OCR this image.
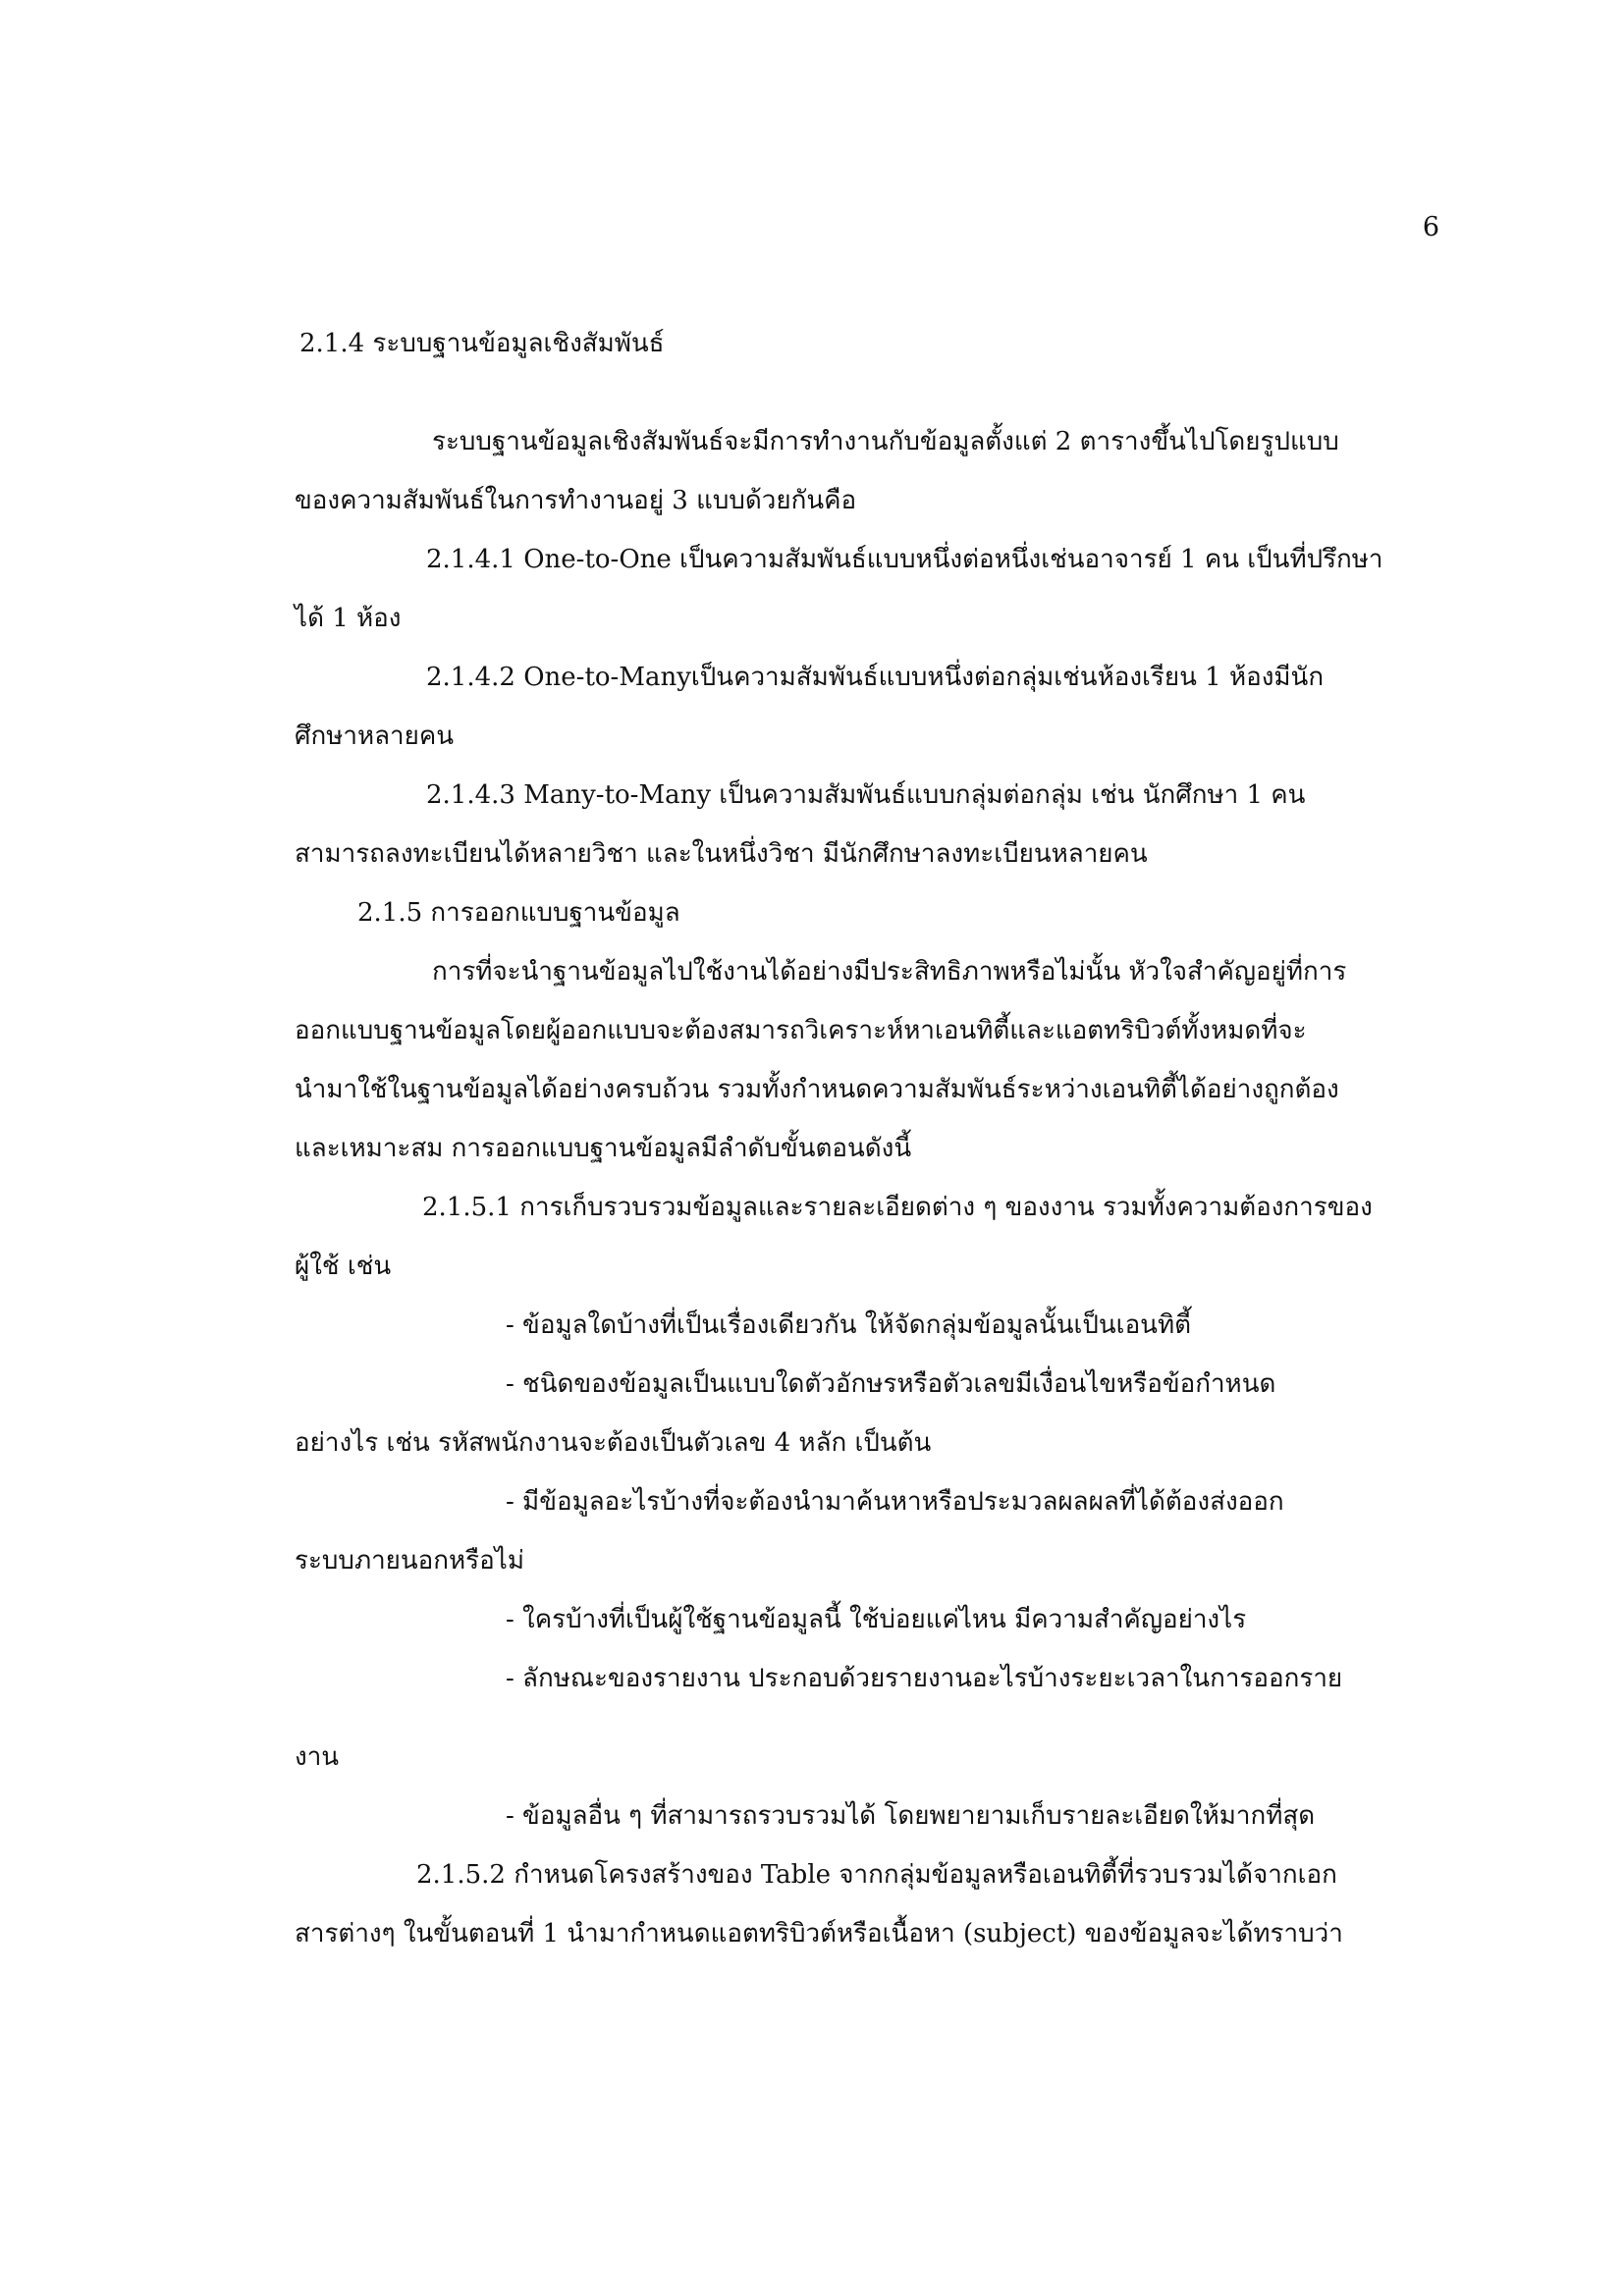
6
2.1.4 ระบบฐานข้อมูลเชิงสัมพันธ์
ระบบฐานข้อมูลเชิงสัมพันธ์จะมีการทำงานกับข้อมูลตั้งแต่ 2 ตารางขึ้นไปโดยรูปแบบ
ของความสัมพันธ์ในการทำงานอยู่ 3 แบบด้วยกันคือ
2.1.4.1 One-to-One เป็นความสัมพันธ์แบบหนึ่งต่อหนึ่งเช่นอาจารย์ 1 คน เป็นที่ปรึกษา
ได้ 1 ห้อง
2.1.4.2 One-to-Manyเป็นความสัมพันธ์แบบหนึ่งต่อกลุ่มเช่นห้องเรียน 1 ห้องมีนัก
ศึกษาหลายคน
2.1.4.3 Many-to-Many เป็นความสัมพันธ์แบบกลุ่มต่อกลุ่ม เช่น นักศึกษา 1 คน
สามารถลงทะเบียนได้หลายวิชา และในหนึ่งวิชา มีนักศึกษาลงทะเบียนหลายคน
2.1.5 การออกแบบฐานข้อมูล
การที่จะนำฐานข้อมูลไปใช้งานได้อย่างมีประสิทธิภาพหรือไม่นั้น หัวใจสำคัญอยู่ที่การ
ออกแบบฐานข้อมูลโดยผู้ออกแบบจะต้องสมารถวิเคราะห์หาเอนทิตี้และแอตทริบิวต์ทั้งหมดที่จะ
นำมาใช้ในฐานข้อมูลได้อย่างครบถ้วน รวมทั้งกำหนดความสัมพันธ์ระหว่างเอนทิตี้ได้อย่างถูกต้อง
และเหมาะสม การออกแบบฐานข้อมูลมีลำดับขั้นตอนดังนี้
2.1.5.1 การเก็บรวบรวมข้อมูลและรายละเอียดต่าง ๆ ของงาน รวมทั้งความต้องการของ
ผู้ใช้ เช่น
- ข้อมูลใดบ้างที่เป็นเรื่องเดียวกัน ให้จัดกลุ่มข้อมูลนั้นเป็นเอนทิตี้
- ชนิดของข้อมูลเป็นแบบใดตัวอักษรหรือตัวเลขมีเงื่อนไขหรือข้อกำหนด
อย่างไร เช่น รหัสพนักงานจะต้องเป็นตัวเลข 4 หลัก เป็นต้น
- มีข้อมูลอะไรบ้างที่จะต้องนำมาค้นหาหรือประมวลผลผลที่ได้ต้องส่งออก
ระบบภายนอกหรือไม่
- ใครบ้างที่เป็นผู้ใช้ฐานข้อมูลนี้ ใช้บ่อยแค่ไหน มีความสำคัญอย่างไร
- ลักษณะของรายงาน ประกอบด้วยรายงานอะไรบ้างระยะเวลาในการออกราย
งาน
- ข้อมูลอื่น ๆ ที่สามารถรวบรวมได้ โดยพยายามเก็บรายละเอียดให้มากที่สุด
2.1.5.2 กำหนดโครงสร้างของ Table จากกลุ่มข้อมูลหรือเอนทิตี้ที่รวบรวมได้จากเอก
สารต่างๆ ในขั้นตอนที่ 1 นำมากำหนดแอตทริบิวต์หรือเนื้อหา (subject) ของข้อมูลจะได้ทราบว่า
